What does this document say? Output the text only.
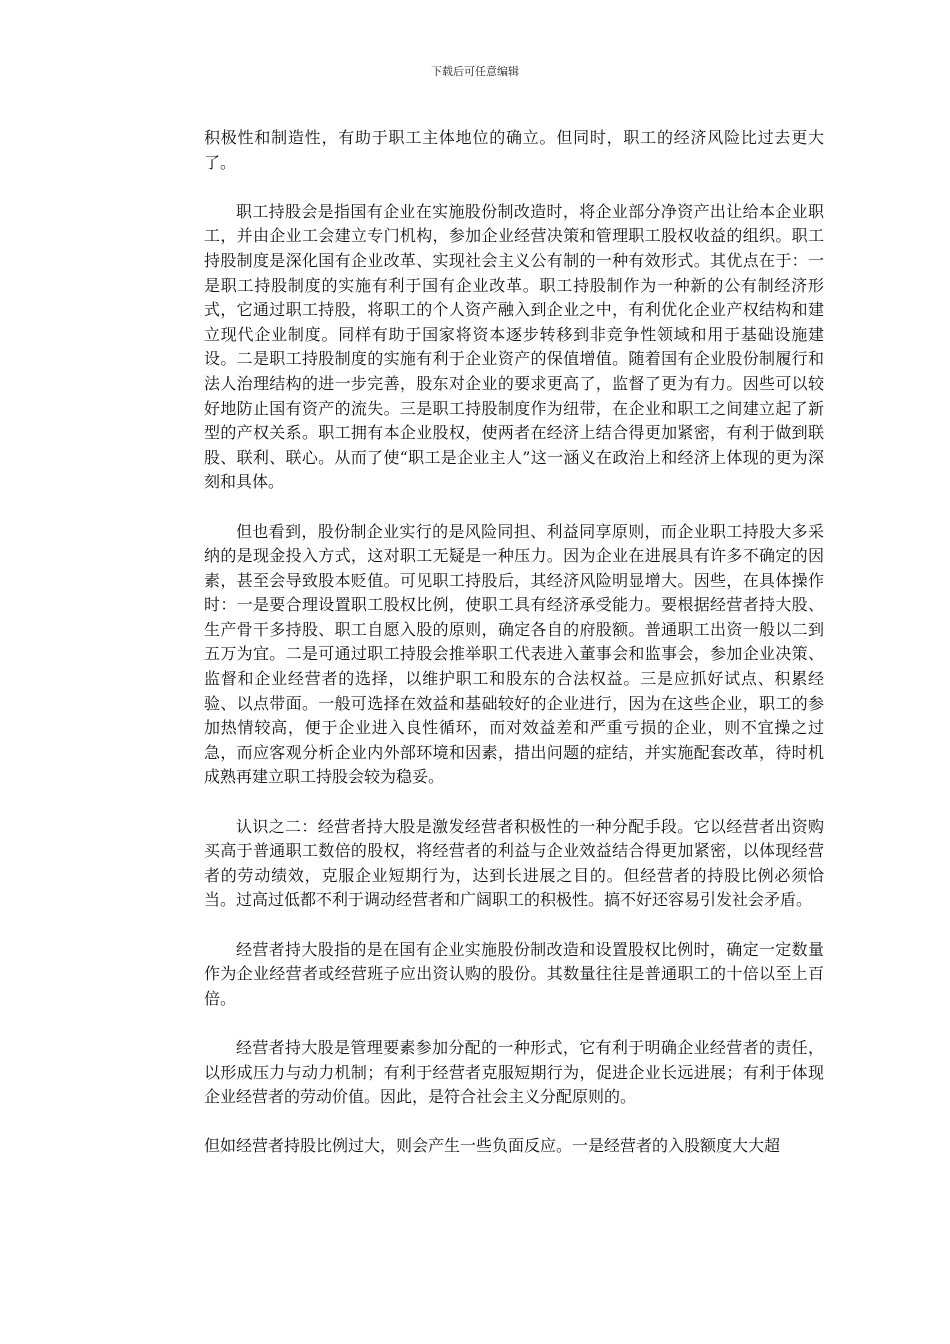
下载后可任意编辑

积极性和制造性，有助于职工主体地位的确立。但同时，职工的经济风险比过去更大了。

职工持股会是指国有企业在实施股份制改造时，将企业部分净资产出让给本企业职工，并由企业工会建立专门机构，参加企业经营决策和管理职工股权收益的组织。职工持股制度是深化国有企业改革、实现社会主义公有制的一种有效形式。其优点在于：一是职工持股制度的实施有利于国有企业改革。职工持股制作为一种新的公有制经济形式，它通过职工持股，将职工的个人资产融入到企业之中，有利优化企业产权结构和建立现代企业制度。同样有助于国家将资本逐步转移到非竞争性领域和用于基础设施建设。二是职工持股制度的实施有利于企业资产的保值增值。随着国有企业股份制履行和法人治理结构的进一步完善，股东对企业的要求更高了，监督了更为有力。因些可以较好地防止国有资产的流失。三是职工持股制度作为纽带，在企业和职工之间建立起了新型的产权关系。职工拥有本企业股权，使两者在经济上结合得更加紧密，有利于做到联股、联利、联心。从而了使“职工是企业主人”这一涵义在政治上和经济上体现的更为深刻和具体。

但也看到，股份制企业实行的是风险同担、利益同享原则，而企业职工持股大多采纳的是现金投入方式，这对职工无疑是一种压力。因为企业在进展具有许多不确定的因素，甚至会导致股本贬值。可见职工持股后，其经济风险明显增大。因些，在具体操作时：一是要合理设置职工股权比例，使职工具有经济承受能力。要根据经营者持大股、生产骨干多持股、职工自愿入股的原则，确定各自的府股额。普通职工出资一般以二到五万为宜。二是可通过职工持股会推举职工代表进入董事会和监事会，参加企业决策、监督和企业经营者的选择，以维护职工和股东的合法权益。三是应抓好试点、积累经验、以点带面。一般可选择在效益和基础较好的企业进行，因为在这些企业，职工的参加热情较高，便于企业进入良性循环，而对效益差和严重亏损的企业，则不宜操之过急，而应客观分析企业内外部环境和因素，措出问题的症结，并实施配套改革，待时机成熟再建立职工持股会较为稳妥。

认识之二：经营者持大股是激发经营者积极性的一种分配手段。它以经营者出资购买高于普通职工数倍的股权，将经营者的利益与企业效益结合得更加紧密，以体现经营者的劳动绩效，克服企业短期行为，达到长进展之目的。但经营者的持股比例必须恰当。过高过低都不利于调动经营者和广阔职工的积极性。搞不好还容易引发社会矛盾。

经营者持大股指的是在国有企业实施股份制改造和设置股权比例时，确定一定数量作为企业经营者或经营班子应出资认购的股份。其数量往往是普通职工的十倍以至上百倍。

经营者持大股是管理要素参加分配的一种形式，它有利于明确企业经营者的责任，以形成压力与动力机制；有利于经营者克服短期行为，促进企业长远进展；有利于体现企业经营者的劳动价值。因此，是符合社会主义分配原则的。

但如经营者持股比例过大，则会产生一些负面反应。一是经营者的入股额度大大超
